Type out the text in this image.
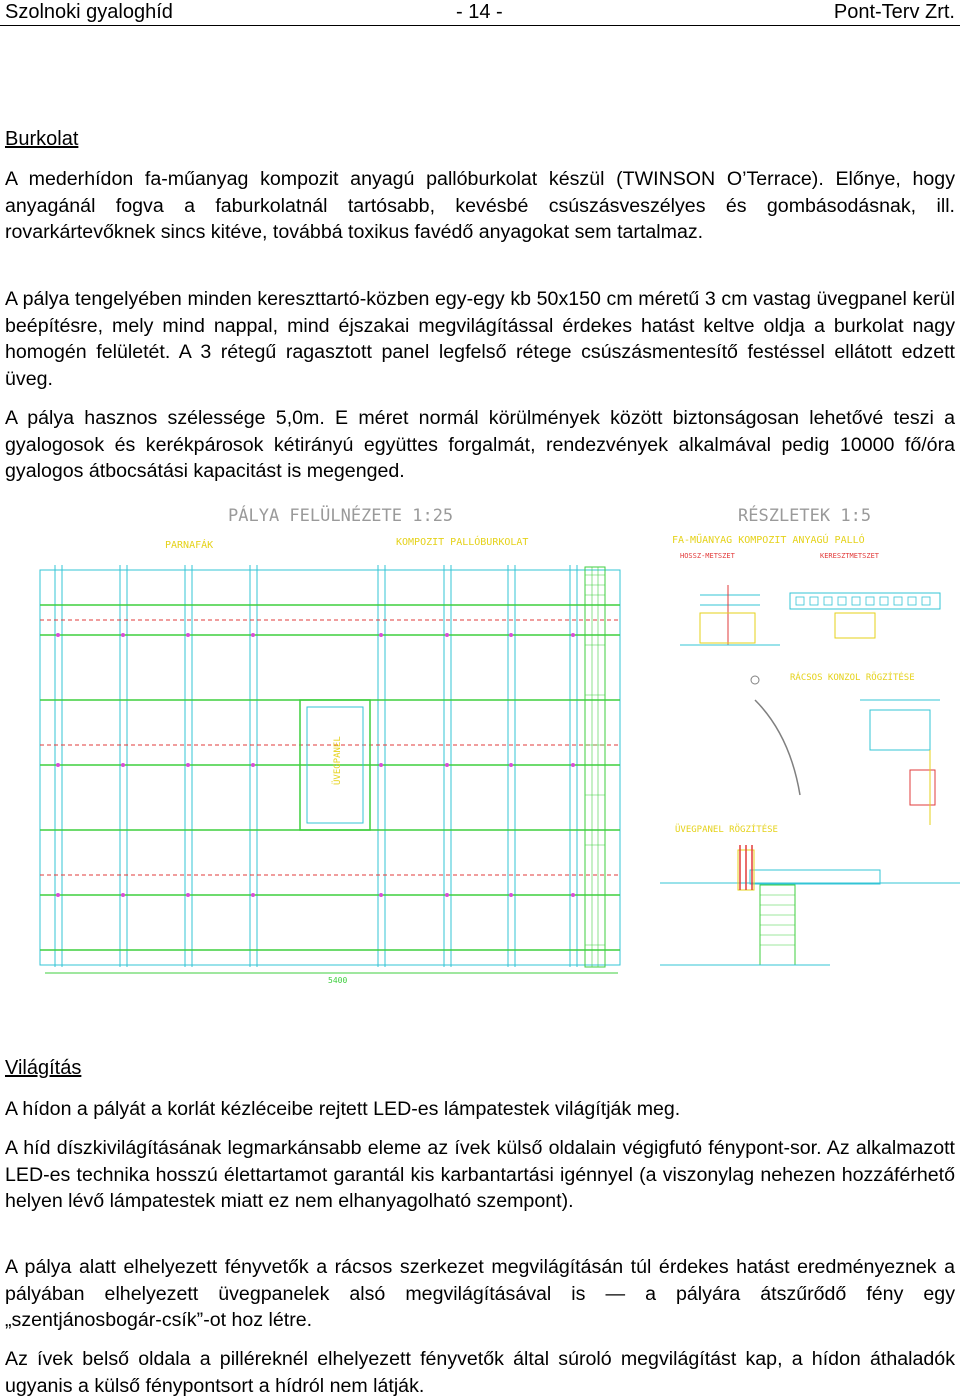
Szolnoki gyaloghíd	- 14 -	Pont-Terv Zrt.
Burkolat

A mederhídon fa-műanyag kompozit anyagú pallóburkolat készül (TWINSON O’Terrace). Előnye, hogy anyagánál fogva a faburkolatnál tartósabb, kevésbé csúszásveszélyes és gombásodásnak, ill. rovarkártevőknek sincs kitéve, továbbá toxikus favédő anyagokat sem tartalmaz.

A pálya tengelyében minden kereszttartó-közben egy-egy kb 50x150 cm méretű 3 cm vastag üvegpanel kerül beépítésre, mely mind nappal, mind éjszakai megvilágítással érdekes hatást keltve oldja a burkolat nagy homogén felületét. A 3 rétegű ragasztott panel legfelső rétege csúszásmentesítő festéssel ellátott edzett üveg.

A pálya hasznos szélessége 5,0m. E méret normál körülmények között biztonságosan lehetővé teszi a gyalogosok és kerékpárosok kétirányú együttes forgalmát, rendezvények alkalmával pedig 10000 fő/óra gyalogos átbocsátási kapacitást is megenged.

PÁLYA FELÜLNÉZETE 1:25
PARNAFÁK	KOMPOZIT PALLÓBURKOLAT
ÜVEGPANEL
5400
RÉSZLETEK 1:5
FA-MŰANYAG KOMPOZIT ANYAGÚ PALLÓ
HOSSZ-METSZET	KERESZTMETSZET
RÁCSOS KONZOL RÖGZÍTÉSE
ÜVEGPANEL RÖGZÍTÉSE
Világítás

A hídon a pályát a korlát kézléceibe rejtett LED-es lámpatestek világítják meg.

A híd díszkivilágításának legmarkánsabb eleme az ívek külső oldalain végigfutó fénypont-sor. Az alkalmazott LED-es technika hosszú élettartamot garantál kis karbantartási igénnyel (a viszonylag nehezen hozzáférhető helyen lévő lámpatestek miatt ez nem elhanyagolható szempont).

A pálya alatt elhelyezett fényvetők a rácsos szerkezet megvilágításán túl érdekes hatást eredményeznek a pályában elhelyezett üvegpanelek alsó megvilágításával is — a pályára átszűrődő fény egy „szentjánosbogár-csík”-ot hoz létre.

Az ívek belső oldala a pilléreknél elhelyezett fényvetők által súroló megvilágítást kap, a hídon áthaladók ugyanis a külső fénypontsort a hídról nem látják.
